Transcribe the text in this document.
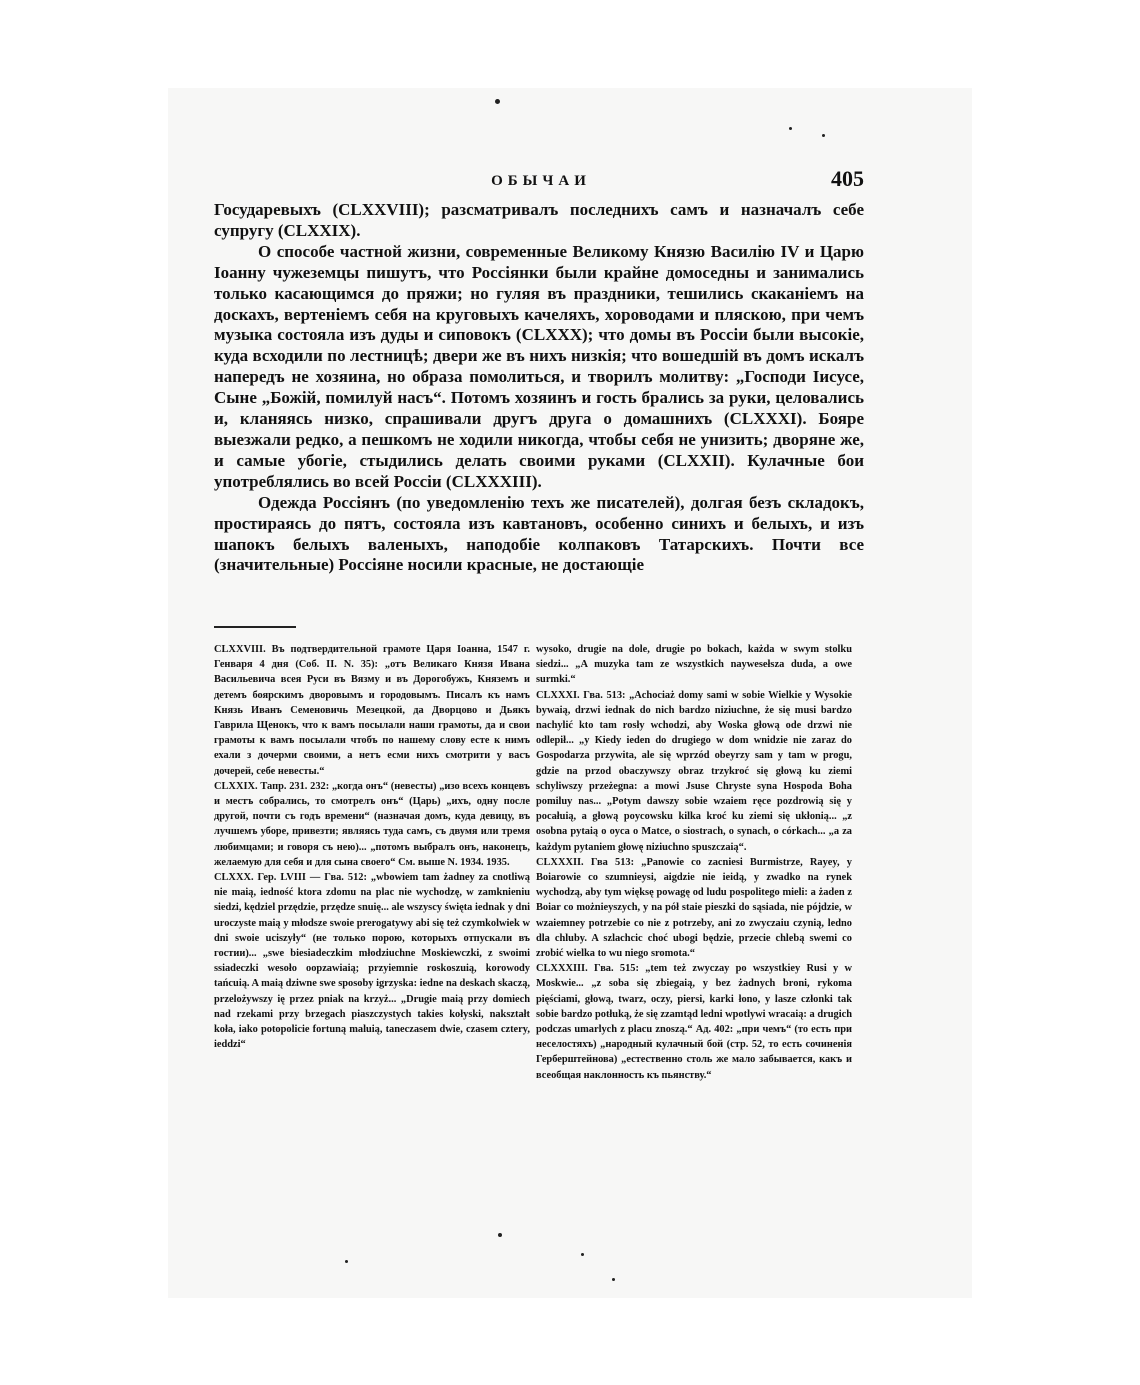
ОБЫЧАИ	405

Государевыхъ (CLXXVIII); разсматривалъ последнихъ самъ и назначалъ себе супругу (CLXXIX).

О способе частной жизни, современные Великому Князю Василію IV и Царю Іоанну чужеземцы пишутъ, что Россіянки были крайне домоседны и занимались только касающимся до пряжи; но гуляя въ праздники, тешились скаканіемъ на доскахъ, вертеніемъ себя на круговыхъ качеляхъ, хороводами и пляскою, при чемъ музыка состояла изъ дуды и сиповокъ (CLXXX); что домы въ Россіи были высокіе, куда всходили по лестницѣ; двери же въ нихъ низкія; что вошедшій въ домъ искалъ напередъ не хозяина, но образа помолиться, и творилъ молитву: „Господи Іисусе, Сыне „Божій, помилуй насъ“. Потомъ хозяинъ и гость брались за руки, целовались и, кланяясь низко, спрашивали другъ друга о домашнихъ (CLXXXI). Бояре выезжали редко, а пешкомъ не ходили никогда, чтобы себя не унизить; дворяне же, и самые убогіе, стыдились делать своими руками (CLXXII). Кулачные бои употреблялись во всей Россіи (CLXXXIII).

Одежда Россіянъ (по уведомленію техъ же писателей), долгая безъ складокъ, простираясь до пятъ, состояла изъ кавтановъ, особенно синихъ и белыхъ, и изъ шапокъ белыхъ валеныхъ, наподобіе колпаковъ Татарскихъ. Почти все (значительные) Россіяне носили красные, не достающіе

CLXXVIII. Въ подтвердительной грамоте Царя Іоанна, 1547 г. Генваря 4 дня (Соб. II. N. 35): „отъ Великаго Князя Ивана Васильевича всея Руси въ Вязму и въ Дорогобужъ, Княземъ и детемъ боярскимъ дворовымъ и городовымъ. Писалъ къ намъ Князь Иванъ Семеновичь Мезецкой, да Дворцово и Дьякъ Гаврила Щенокъ, что к вамъ посылали наши грамоты, да и свои грамоты к вамъ посылали чтобъ по нашему слову есте к нимъ ехали з дочерми своими, а нетъ есми нихъ смотрити у васъ дочерей, себе невесты.“

CLXXIX. Тапр. 231. 232: „когда онъ“ (невесты) „изо всехъ концевъ и местъ собрались, то смотрелъ онъ“ (Царь) „ихъ, одну после другой, почти съ годъ времени“ (назначая домъ, куда девицу, въ лучшемъ уборе, привезти; являясь туда самъ, съ двумя или тремя любимцами; и говоря съ нею)... „потомъ выбралъ онъ, наконецъ, желаемую для себя и для сына своего“ См. выше N. 1934. 1935.

CLXXX. Гер. LVIII — Гва. 512: „wbowiem tam żadney za cnotliwą nie maią, iedność ktora zdomu na plac nie wychodzę, w zamknieniu siedzi, kędziel przędzie, przędze snuię... ale wszyscy święta iednak y dni uroczyste maią y młodsze swoie prerogatywy abi się też czymkolwiek w dni swoie uciszyły“ (не только порою, которыхъ отпускали въ гостии)... „swe biesiadeczkim młodziuchne Moskiewczki, z swoimi ssiadeczki wesoło oopzawiaią; przyiemnie roskoszuią, korowody tańcuią. A maią dziwne swe sposoby igrzyska: iedne na deskach skaczą, przelożywszy ię przez pniak na krzyż... „Drugie maią przy domiech nad rzekami przy brzegach piaszczystych takies kołyski, nakształt koła, iako potopolicie fortuną maluią, taneczasem dwie, czasem cztery, ieddzi“

wysoko, drugie na dole, drugie po bokach, każda w swym stolku siedzi... „A muzyka tam ze wszystkich naywesełsza duda, a owe surmki.“

CLXXXI. Гва. 513: „Achociaż domy sami w sobie Wielkie y Wysokie bywaią, drzwi iednak do nich bardzo niziuchne, że się musi bardzo nachylić kto tam rosły wchodzi, aby Woska głową ode drzwi nie odlepił... „y Kiedy ieden do drugiego w dom wnidzie nie zaraz do Gospodarza przywita, ale się wprzód obeyrzy sam y tam w progu, gdzie na przod obaczywszy obraz trzykroć się głową ku ziemi schyliwszy przeżegna: a mowi Jsuse Chryste syna Hospoda Boha pomiluy nas... „Potym dawszy sobie wzaiem ręce pozdrowią się y pocałuią, a głową poycowsku kilka kroć ku ziemi się ukłonią... „z osobna pytaią o oyca o Matce, o siostrach, o synach, o córkach... „a za każdym pytaniem głowę niziuchno spuszczaią“.

CLXXXII. Гва 513: „Panowie co zacniesi Burmistrze, Rayey, y Boiarowie co szumnieysi, aigdzie nie ieidą, y zwadko na rynek wychodzą, aby tym więksę powagę od ludu pospolitego mieli: a żaden z Boiar co możnieyszych, y na pół staie pieszki do sąsiada, nie pójdzie, w wzaiemney potrzebie co nie z potrzeby, ani zo zwyczaiu czynią, ledno dla chluby. A szlachcic choć ubogi będzie, przecie chlebą swemi co zrobić wielka to wu niego sromota.“

CLXXXIII. Гва. 515: „tem też zwyczay po wszystkiey Rusi y w Moskwie... „z soba się zbiegaią, y bez żadnych broni, rykoma pięściami, głową, twarz, oczy, piersi, karki łono, y lasze członki tak sobie bardzo potłuką, że się zzamtąd ledni wpotlywi wracaią: a drugich podczas umarlych z placu znoszą.“ Ад. 402: „при чемъ“ (то есть при неселостяхъ) „народный кулачный бой (стр. 52, то есть сочиненія Герберштейнова) „естественно столь же мало забывается, какъ и всеобщая наклонность къ пьянству.“
